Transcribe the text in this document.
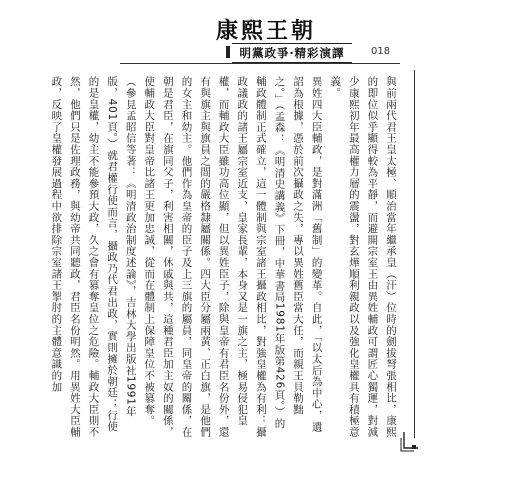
康熙王朝
明黨政爭‧精彩演譯	018

與前兩代君王皇太極、順治當年繼承皇（汗）位時的劍拔弩張相比，康熙的即位似乎顯得較為平靜，而避開宗室王由異姓輔政可謂匠心獨運，對減少康熙初年最高權力層的震盪，對玄燁順利親政以及強化皇權具有積極意義。

異姓四大臣輔政，是對滿洲「舊制」的變革。自此，「以太后為中心，遺詔為根據，憑於前次攝政之失，專以異姓舊臣當大任，而親王貝勒黜之。」（孟森：《明清史講義》下冊，中華書局1981年版第426頁。）的輔政體制正式確立，這一體制與宗室諸王攝政相比，對強皇權為有利：攝政議政的諸王屬宗室近支、皇家長輩，本身又是一旗之主，極易侵犯皇權，而輔政大臣雖功高位顯，但以異姓臣子，除與皇帝有君臣名份外，還有與旗主與旗員之間的嚴格隸屬關係。四大臣分屬兩黃、正白旗，是他們的女主和幼主。他們作為皇帝的臣子及上三旗的屬員，同皇帝的關係，在朝是君臣，在旗同父子，利害相關，休戚與共，這種君臣加主奴的關係，使輔政大臣對皇帝比諸王更加忠誠，從而在體制上保障皇位不被篡奪。（參見孟昭信等著：《明清政治制度述論》，吉林大學出版社1991年版，401頁。）就君權行使而言，攝政乃代君出政，實則擁於朝廷；行使的是皇權，幼主不能參預大政，久之會有篡奪皇位之危險。輔政大臣則不然，他們只是佐理政務，與幼帝共同聽政，君臣名份明然。用異姓大臣輔政，反映了皇權發展過程中欲排除宗室諸王掣肘的主體意識的加
